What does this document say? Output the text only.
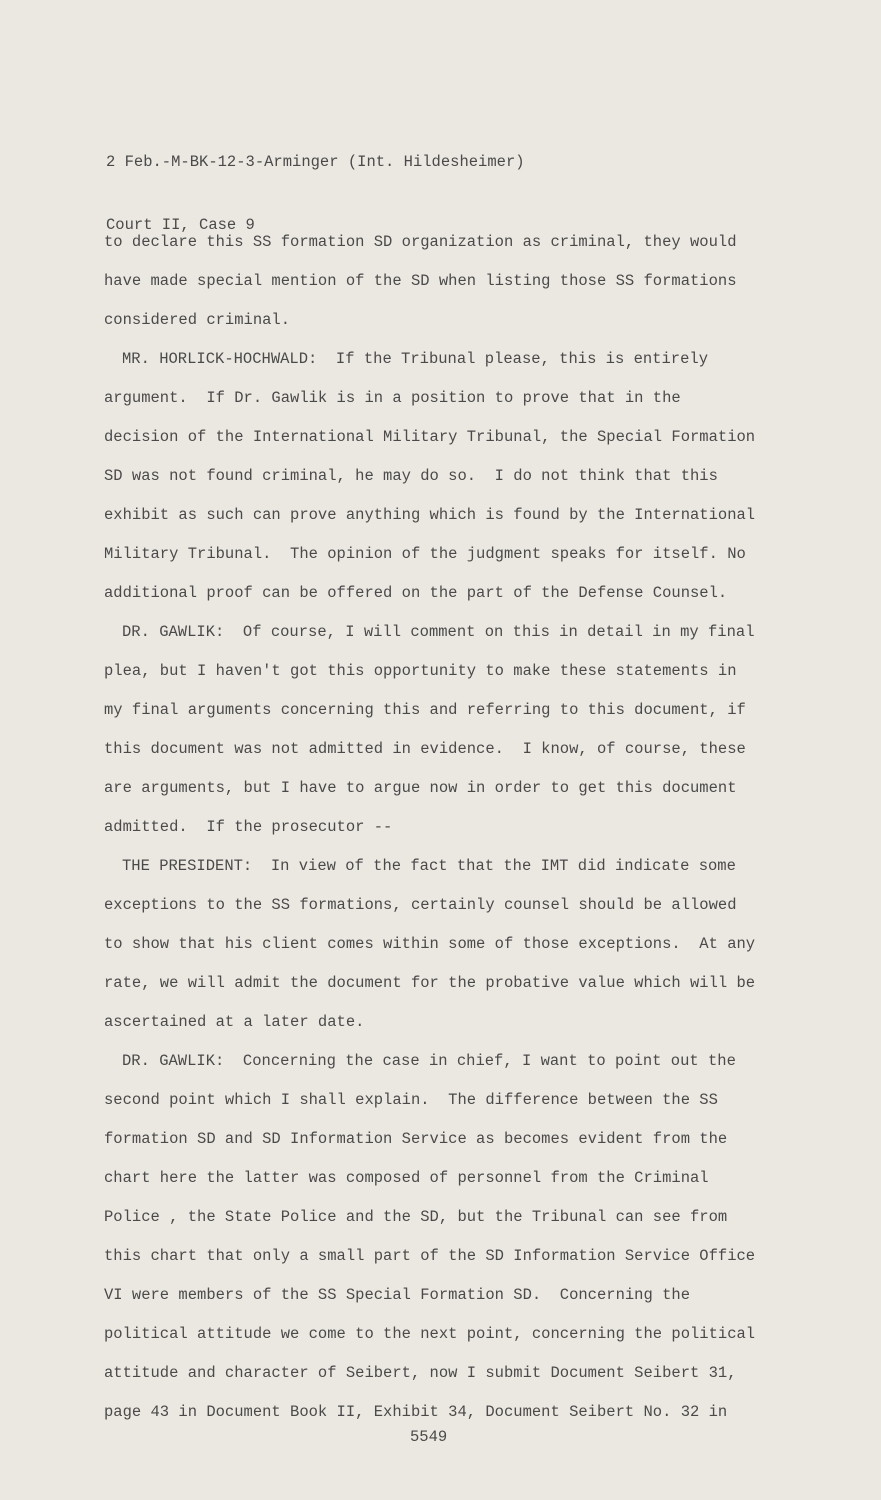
2 Feb.-M-BK-12-3-Arminger (Int. Hildesheimer)

Court II, Case 9

to declare this SS formation SD organization as criminal, they would
have made special mention of the SD when listing those SS formations
considered criminal.
MR. HORLICK-HOCHWALD:  If the Tribunal please, this is entirely
argument.  If Dr. Gawlik is in a position to prove that in the
decision of the International Military Tribunal, the Special Formation
SD was not found criminal, he may do so.  I do not think that this
exhibit as such can prove anything which is found by the International
Military Tribunal.  The opinion of the judgment speaks for itself. No
additional proof can be offered on the part of the Defense Counsel.
DR. GAWLIK:  Of course, I will comment on this in detail in my final
plea, but I haven't got this opportunity to make these statements in
my final arguments concerning this and referring to this document, if
this document was not admitted in evidence.  I know, of course, these
are arguments, but I have to argue now in order to get this document
admitted.  If the prosecutor --
THE PRESIDENT:  In view of the fact that the IMT did indicate some
exceptions to the SS formations, certainly counsel should be allowed
to show that his client comes within some of those exceptions.  At any
rate, we will admit the document for the probative value which will be
ascertained at a later date.
DR. GAWLIK:  Concerning the case in chief, I want to point out the
second point which I shall explain.  The difference between the SS
formation SD and SD Information Service as becomes evident from the
chart here the latter was composed of personnel from the Criminal
Police , the State Police and the SD, but the Tribunal can see from
this chart that only a small part of the SD Information Service Office
VI were members of the SS Special Formation SD.  Concerning the
political attitude we come to the next point, concerning the political
attitude and character of Seibert, now I submit Document Seibert 31,
page 43 in Document Book II, Exhibit 34, Document Seibert No. 32 in
5549
